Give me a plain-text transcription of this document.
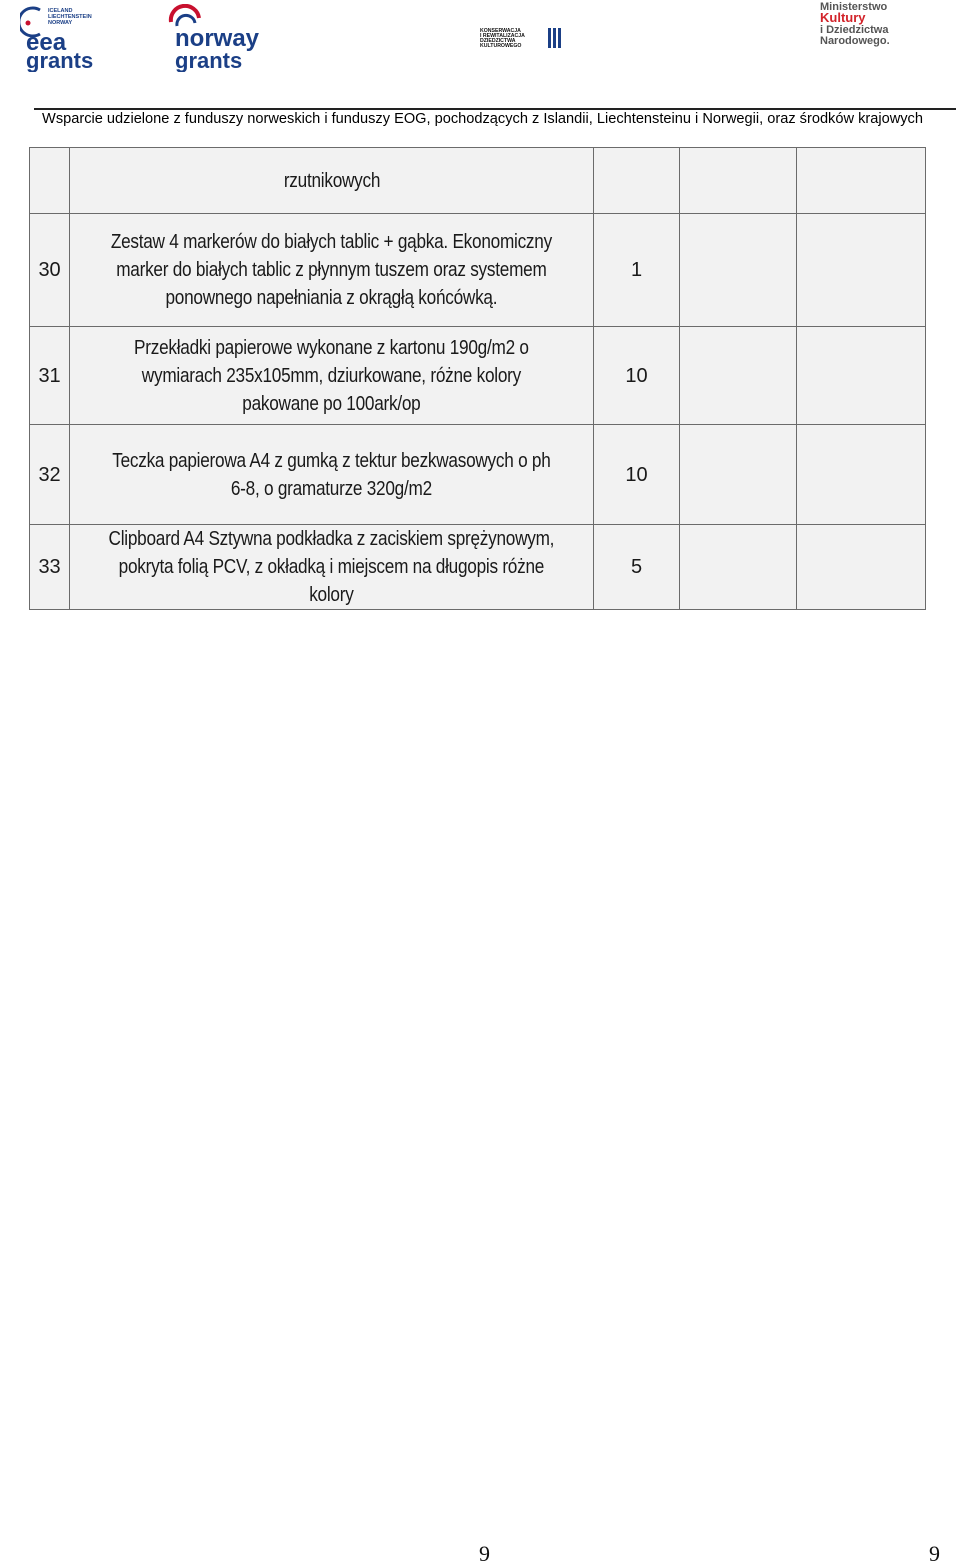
ICELAND
LIECHTENSTEIN
NORWAY
eea
grants
norway
grants
KONSERWACJA
I REWITALIZACJA
DZIEDZICTWA
KULTUROWEGO
Ministerstwo
Kultury
i Dziedzictwa
Narodowego.
Wsparcie udzielone z funduszy norweskich i funduszy EOG, pochodzących z Islandii, Liechtensteinu i Norwegii, oraz środków krajowych
	rzutnikowych			
30	Zestaw 4 markerów do białych tablic + gąbka. Ekonomiczny marker do białych tablic z płynnym tuszem oraz systemem ponownego napełniania z okrągłą końcówką.	1		
31	Przekładki papierowe wykonane z kartonu 190g/m2 o wymiarach 235x105mm, dziurkowane, różne kolory pakowane po 100ark/op	10		
32	Teczka papierowa A4 z gumką z tektur bezkwasowych o ph 6-8, o gramaturze 320g/m2	10		
33	Clipboard A4 Sztywna podkładka z zaciskiem sprężynowym, pokryta folią PCV, z okładką i miejscem na długopis różne kolory	5		
9	9
